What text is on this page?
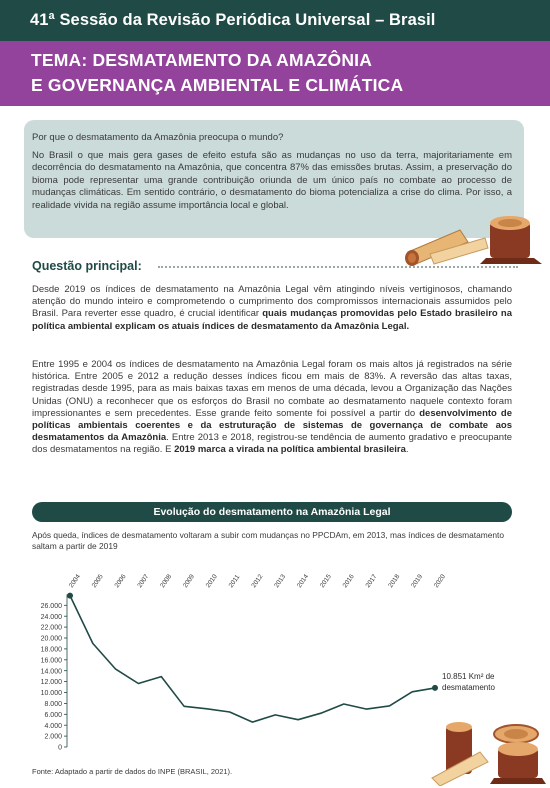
41ª Sessão da Revisão Periódica Universal – Brasil
TEMA: DESMATAMENTO DA AMAZÔNIA
E GOVERNANÇA AMBIENTAL E CLIMÁTICA
Por que o desmatamento da Amazônia preocupa o mundo?
No Brasil o que mais gera gases de efeito estufa são as mudanças no uso da terra, majoritariamente em decorrência do desmatamento na Amazônia, que concentra 87% das emissões brutas. Assim, a preservação do bioma pode representar uma grande contribuição oriunda de um único país no combate ao processo de mudanças climáticas. Em sentido contrário, o desmatamento do bioma potencializa a crise do clima. Por isso, a realidade vivida na região assume importância local e global.
Questão principal:
Desde 2019 os índices de desmatamento na Amazônia Legal vêm atingindo níveis vertiginosos, chamando atenção do mundo inteiro e comprometendo o cumprimento dos compromissos internacionais assumidos pelo Brasil. Para reverter esse quadro, é crucial identificar quais mudanças promovidas pelo Estado brasileiro na política ambiental explicam os atuais índices de desmatamento da Amazônia Legal.
Entre 1995 e 2004 os índices de desmatamento na Amazônia Legal foram os mais altos já registrados na série histórica. Entre 2005 e 2012 a redução desses índices ficou em mais de 83%. A reversão das altas taxas, registradas desde 1995, para as mais baixas taxas em menos de uma década, levou a Organização das Nações Unidas (ONU) a reconhecer que os esforços do Brasil no combate ao desmatamento naquele contexto foram impressionantes e sem precedentes. Esse grande feito somente foi possível a partir do desenvolvimento de políticas ambientais coerentes e da estruturação de sistemas de governança de combate aos desmatamentos da Amazônia. Entre 2013 e 2018, registrou-se tendência de aumento gradativo e preocupante dos desmatamentos na região. E 2019 marca a virada na política ambiental brasileira.
Evolução do desmatamento na Amazônia Legal
Após queda, índices de desmatamento voltaram a subir com mudanças no PPCDAm, em 2013, mas índices de desmatamento saltam a partir de 2019
26.000
24.000
22.000
20.000
18.000
16.000
14.000
12.000
10.000
8.000
6.000
4.000
2.000
0
2004 2005 2006 2007 2008 2009 2010 2011 2012 2013 2014 2015 2016 2017 2018 2019 2020
10.851 Km² de
desmatamento
Fonte: Adaptado a partir de dados do INPE (BRASIL, 2021).
